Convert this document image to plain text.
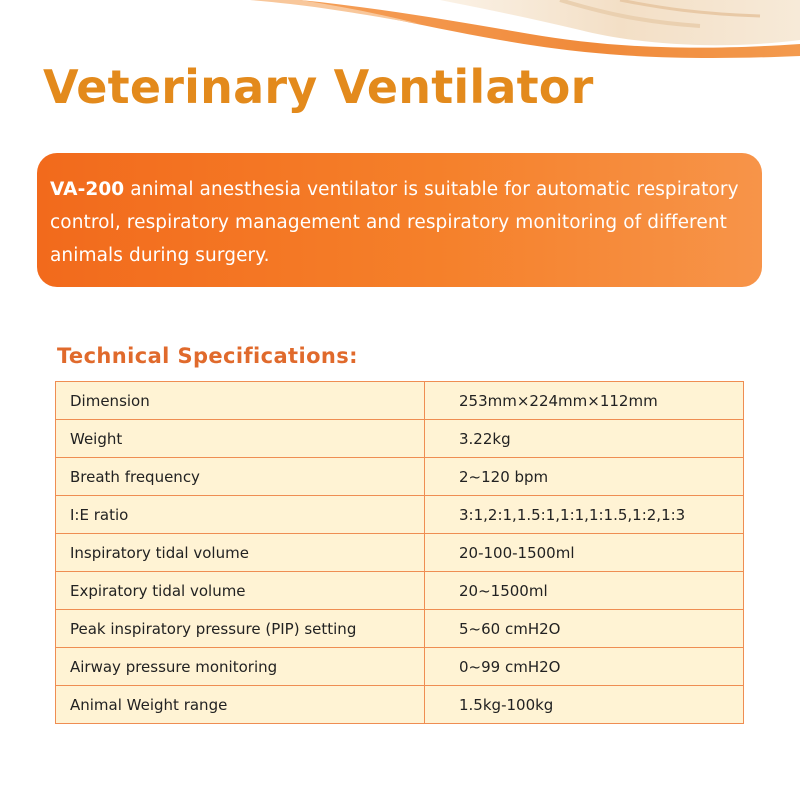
Veterinary Ventilator
VA-200 animal anesthesia ventilator is suitable for automatic respiratory control, respiratory management and respiratory monitoring of different animals during surgery.
Technical Specifications:
Dimension	253mm×224mm×112mm
Weight	3.22kg
Breath frequency	2~120 bpm
I:E ratio	3:1,2:1,1.5:1,1:1,1:1.5,1:2,1:3
Inspiratory tidal volume	20-100-1500ml
Expiratory tidal volume	20~1500ml
Peak inspiratory pressure (PIP) setting	5~60 cmH2O
Airway pressure monitoring	0~99 cmH2O
Animal Weight range	1.5kg-100kg
